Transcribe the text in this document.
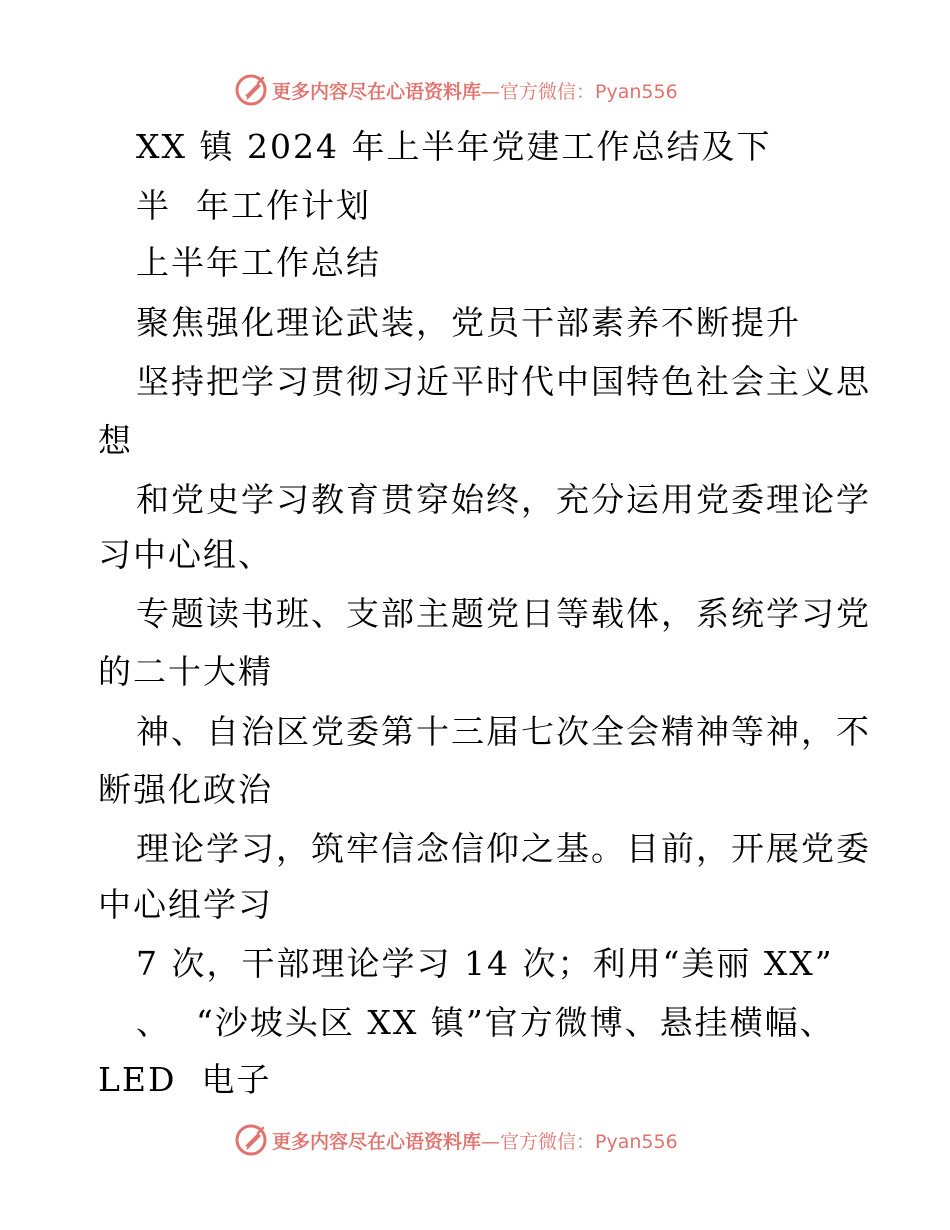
更多内容尽在心语资料库 —官方微信：Pyan556

XX 镇 2024 年上半年党建工作总结及下

半  年工作计划

上半年工作总结

聚焦强化理论武装，党员干部素养不断提升

坚持把学习贯彻习近平时代中国特色社会主义思

想

和党史学习教育贯穿始终，充分运用党委理论学

习中心组、

专题读书班、支部主题党日等载体，系统学习党

的二十大精

神、自治区党委第十三届七次全会精神等神，不

断强化政治

理论学习，筑牢信念信仰之基。目前，开展党委

中心组学习

7 次，干部理论学习 14 次；利用“美丽 XX”

、  “沙坡头区 XX 镇”官方微博、悬挂横幅、

LED  电子

更多内容尽在心语资料库 —官方微信：Pyan556
